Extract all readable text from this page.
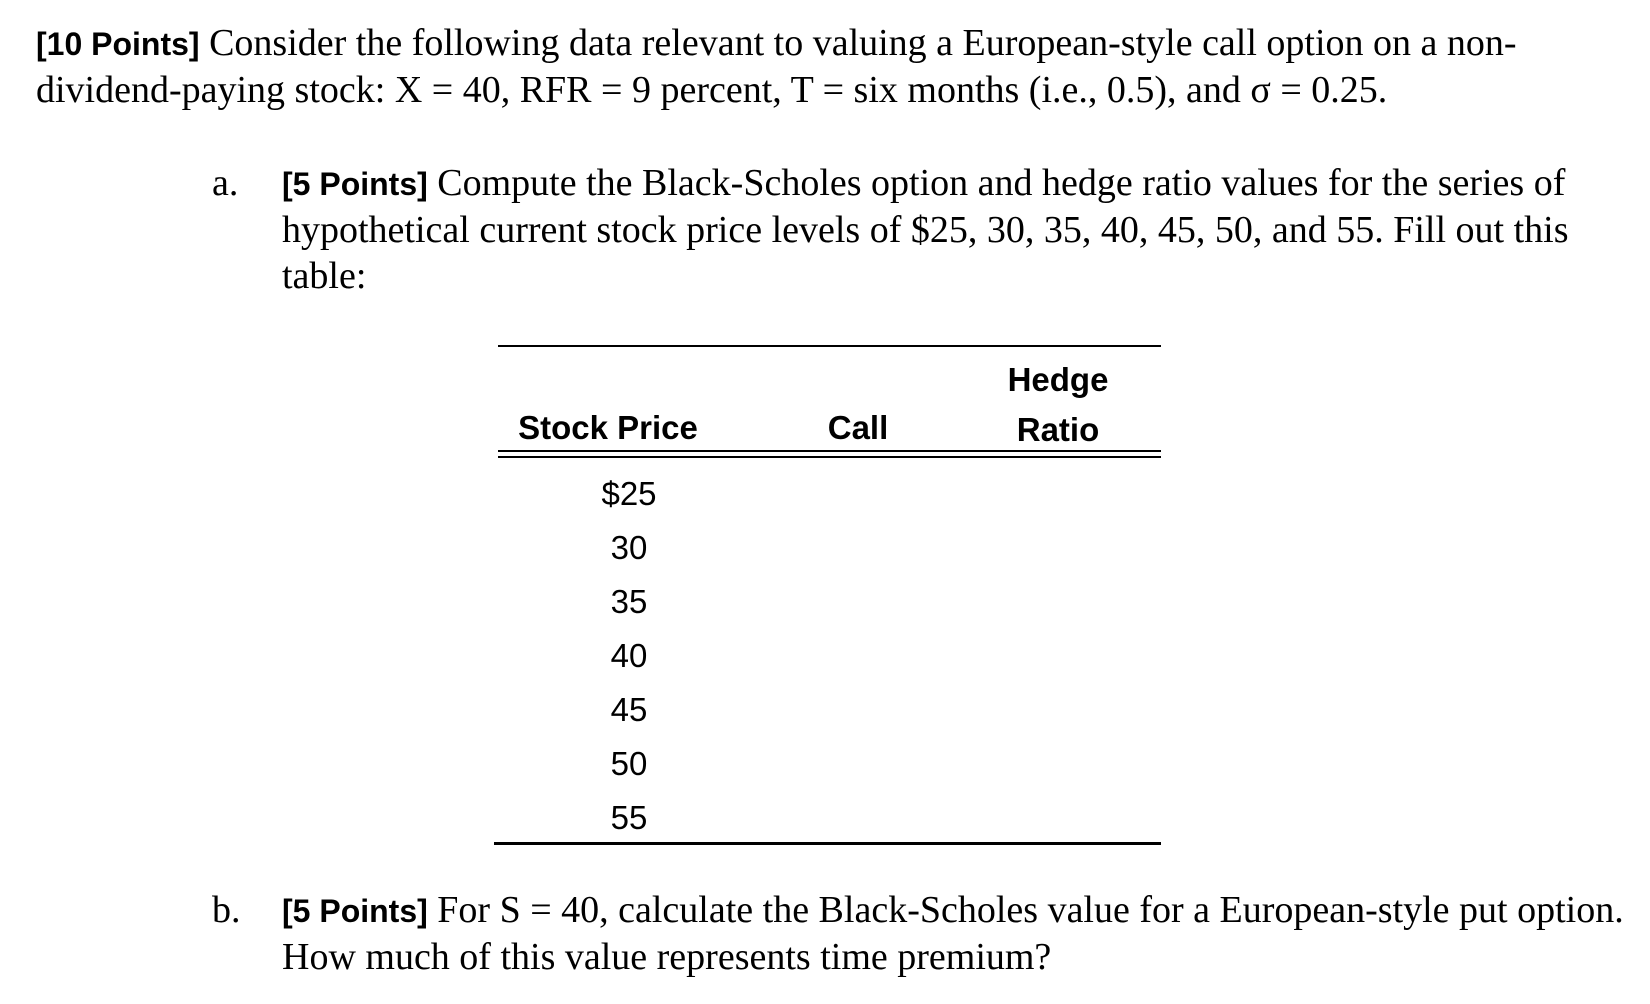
[10 Points] Consider the following data relevant to valuing a European-style call option on a non-dividend-paying stock: X = 40, RFR = 9 percent, T = six months (i.e., 0.5), and σ = 0.25.
a. [5 Points] Compute the Black-Scholes option and hedge ratio values for the series of hypothetical current stock price levels of $25, 30, 35, 40, 45, 50, and 55. Fill out this table:
Stock Price	Call
Hedge
Ratio
$25
30
35
40
45
50
55
b. [5 Points] For S = 40, calculate the Black-Scholes value for a European-style put option. How much of this value represents time premium?
